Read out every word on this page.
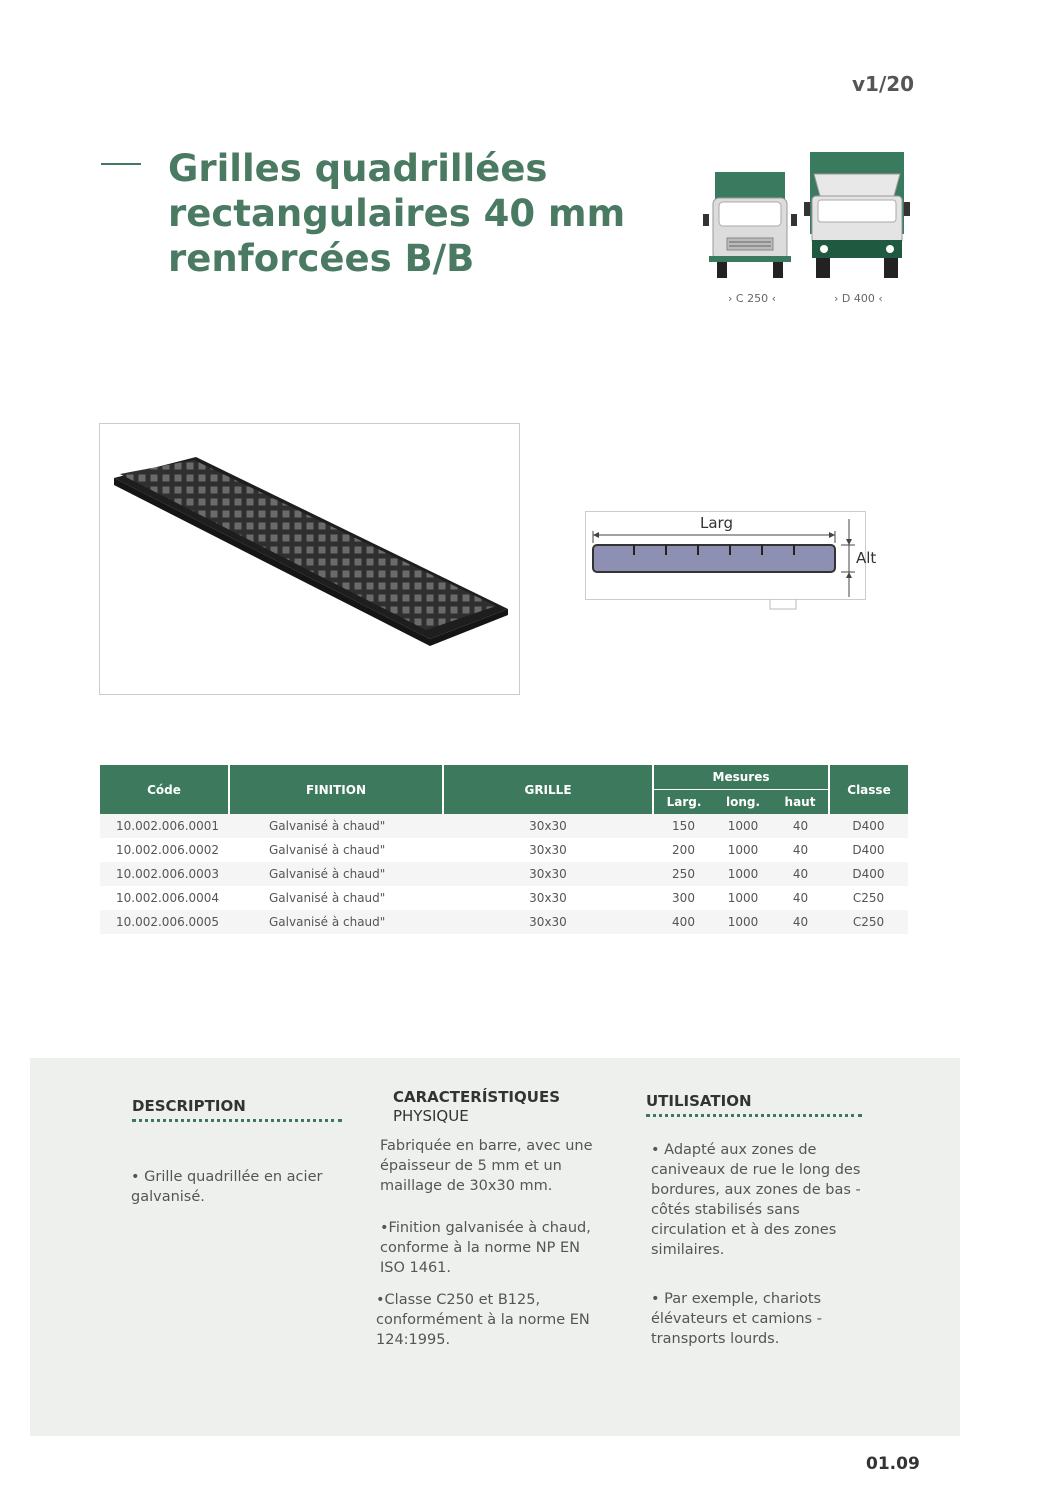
v1/20
Grilles quadrillées
rectangulaires 40 mm
renforcées B/B
› C 250 ‹	› D 400 ‹
Larg
Alt
Códe	FINITION	GRILLE	Mesures			Classe
			Larg.	long.	haut	
10.002.006.0001	Galvanisé à chaud"	30x30	150	1000	40	D400
10.002.006.0002	Galvanisé à chaud"	30x30	200	1000	40	D400
10.002.006.0003	Galvanisé à chaud"	30x30	250	1000	40	D400
10.002.006.0004	Galvanisé à chaud"	30x30	300	1000	40	C250
10.002.006.0005	Galvanisé à chaud"	30x30	400	1000	40	C250
DESCRIPTION

• Grille quadrillée en acier galvanisé.

CARACTERÍSTIQUES
PHYSIQUE

Fabriquée en barre, avec une épaisseur de 5 mm et un maillage de 30x30 mm.

•Finition galvanisée à chaud, conforme à la norme NP EN ISO 1461.

•Classe C250 et B125, conformément à la norme EN 124:1995.

UTILISATION

• Adapté aux zones de caniveaux de rue le long des bordures, aux zones de bas -côtés stabilisés sans circulation et à des zones similaires.

• Par exemple, chariots élévateurs et camions - transports lourds.

01.09
